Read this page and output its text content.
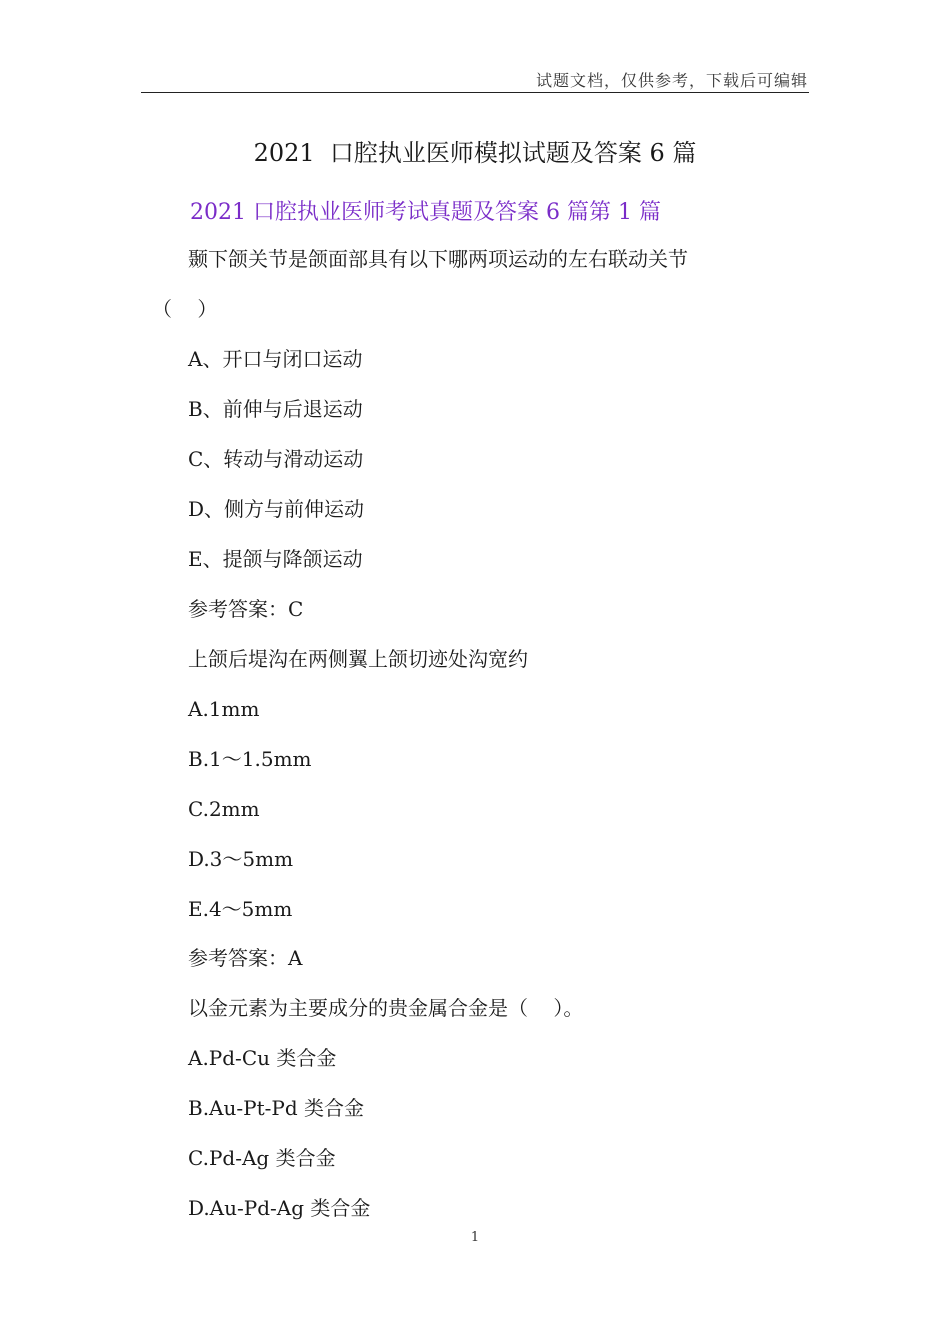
试题文档，仅供参考，下载后可编辑
2021  口腔执业医师模拟试题及答案 6 篇
2021 口腔执业医师考试真题及答案 6 篇第 1 篇
颞下颌关节是颌面部具有以下哪两项运动的左右联动关节
（    ）
A、开口与闭口运动
B、前伸与后退运动
C、转动与滑动运动
D、侧方与前伸运动
E、提颌与降颌运动
参考答案：C
上颌后堤沟在两侧翼上颌切迹处沟宽约
A.1mm
B.1～1.5mm
C.2mm
D.3～5mm
E.4～5mm
参考答案：A
以金元素为主要成分的贵金属合金是（    ）。
A.Pd-Cu 类合金
B.Au-Pt-Pd 类合金
C.Pd-Ag 类合金
D.Au-Pd-Ag 类合金
1
